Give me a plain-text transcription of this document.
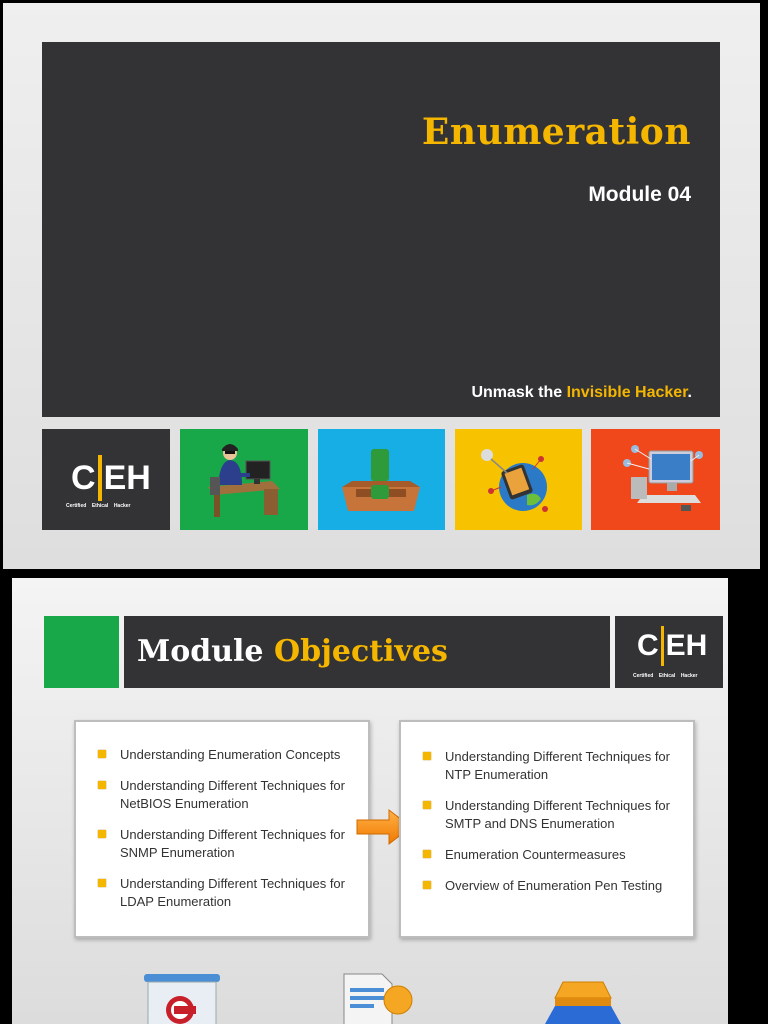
Enumeration
Module 04
Unmask the Invisible Hacker.
C EH
Certified Ethical Hacker
Module Objectives	C EH
Certified Ethical Hacker
Understanding Enumeration Concepts
Understanding Different Techniques for NetBIOS Enumeration
Understanding Different Techniques for SNMP Enumeration
Understanding Different Techniques for LDAP Enumeration
Understanding Different Techniques for NTP Enumeration
Understanding Different Techniques for SMTP and DNS Enumeration
Enumeration Countermeasures
Overview of Enumeration Pen Testing
